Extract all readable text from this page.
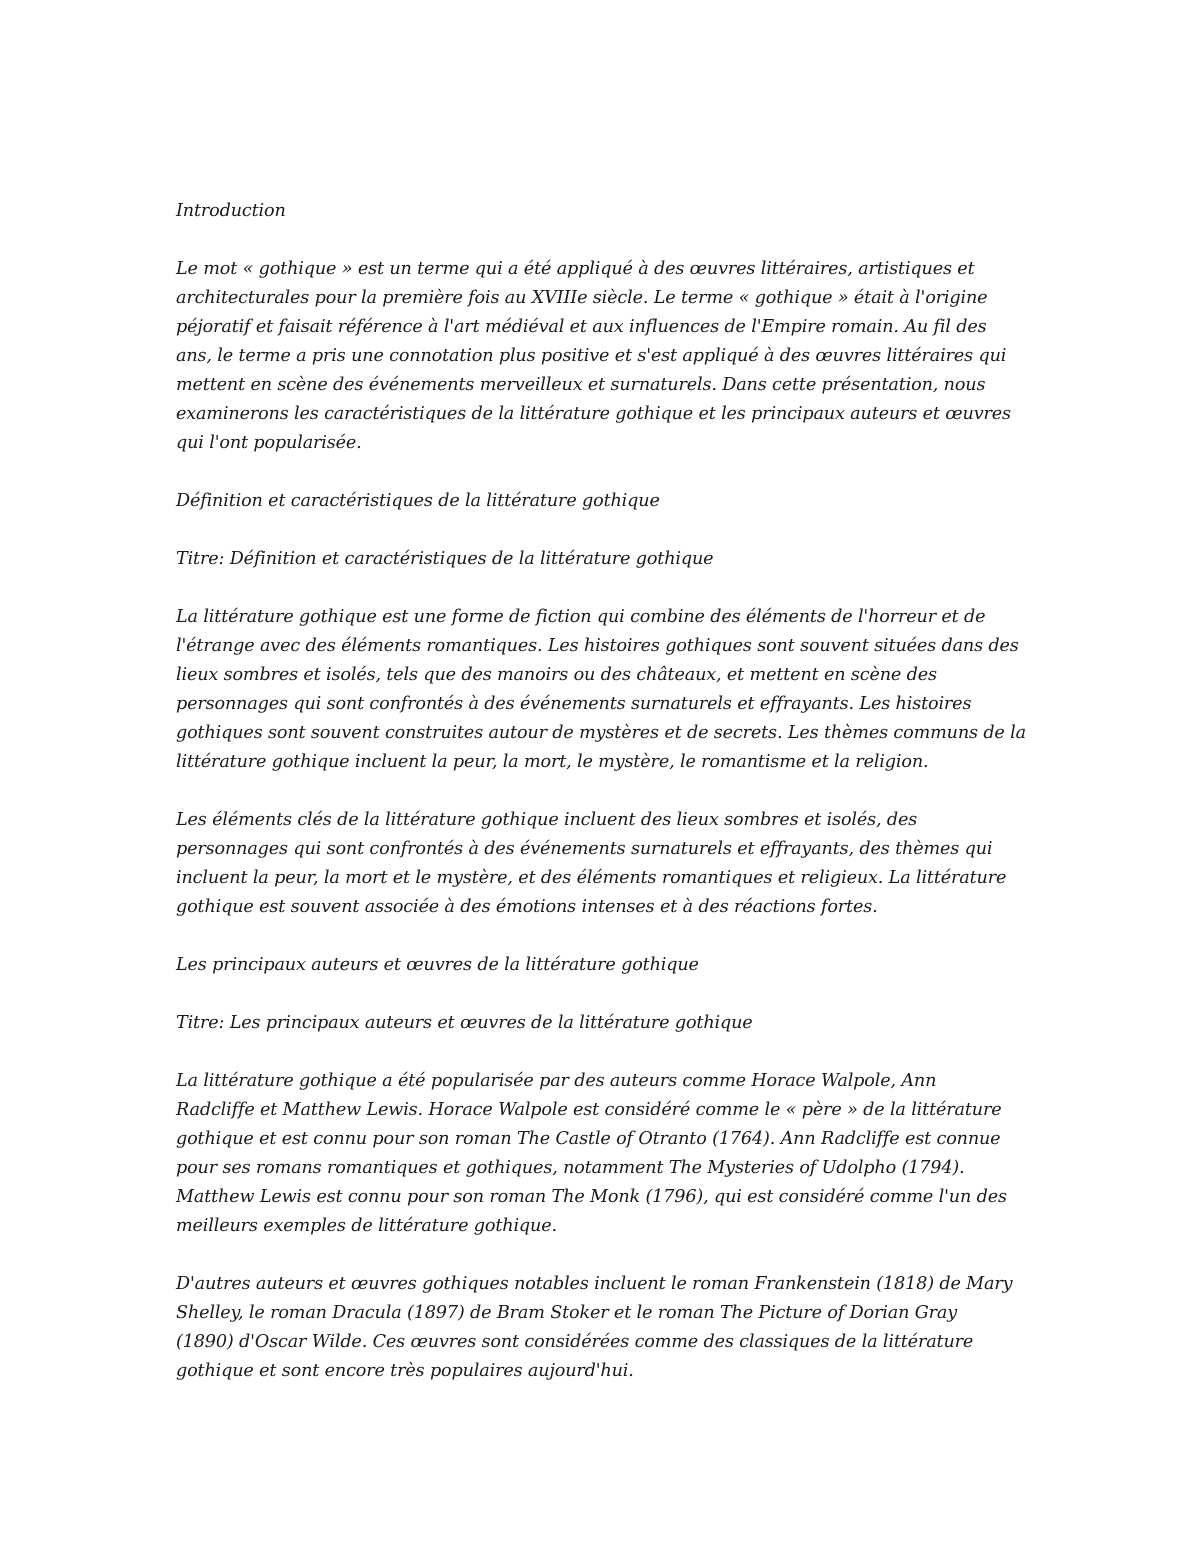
Introduction
Le mot « gothique » est un terme qui a été appliqué à des œuvres littéraires, artistiques et
architecturales pour la première fois au XVIIIe siècle. Le terme « gothique » était à l'origine
péjoratif et faisait référence à l'art médiéval et aux influences de l'Empire romain. Au fil des
ans, le terme a pris une connotation plus positive et s'est appliqué à des œuvres littéraires qui
mettent en scène des événements merveilleux et surnaturels. Dans cette présentation, nous
examinerons les caractéristiques de la littérature gothique et les principaux auteurs et œuvres
qui l'ont popularisée.
Définition et caractéristiques de la littérature gothique
Titre: Définition et caractéristiques de la littérature gothique
La littérature gothique est une forme de fiction qui combine des éléments de l'horreur et de
l'étrange avec des éléments romantiques. Les histoires gothiques sont souvent situées dans des
lieux sombres et isolés, tels que des manoirs ou des châteaux, et mettent en scène des
personnages qui sont confrontés à des événements surnaturels et effrayants. Les histoires
gothiques sont souvent construites autour de mystères et de secrets. Les thèmes communs de la
littérature gothique incluent la peur, la mort, le mystère, le romantisme et la religion.
Les éléments clés de la littérature gothique incluent des lieux sombres et isolés, des
personnages qui sont confrontés à des événements surnaturels et effrayants, des thèmes qui
incluent la peur, la mort et le mystère, et des éléments romantiques et religieux. La littérature
gothique est souvent associée à des émotions intenses et à des réactions fortes.
Les principaux auteurs et œuvres de la littérature gothique
Titre: Les principaux auteurs et œuvres de la littérature gothique
La littérature gothique a été popularisée par des auteurs comme Horace Walpole, Ann
Radcliffe et Matthew Lewis. Horace Walpole est considéré comme le « père » de la littérature
gothique et est connu pour son roman The Castle of Otranto (1764). Ann Radcliffe est connue
pour ses romans romantiques et gothiques, notamment The Mysteries of Udolpho (1794).
Matthew Lewis est connu pour son roman The Monk (1796), qui est considéré comme l'un des
meilleurs exemples de littérature gothique.
D'autres auteurs et œuvres gothiques notables incluent le roman Frankenstein (1818) de Mary
Shelley, le roman Dracula (1897) de Bram Stoker et le roman The Picture of Dorian Gray
(1890) d'Oscar Wilde. Ces œuvres sont considérées comme des classiques de la littérature
gothique et sont encore très populaires aujourd'hui.
